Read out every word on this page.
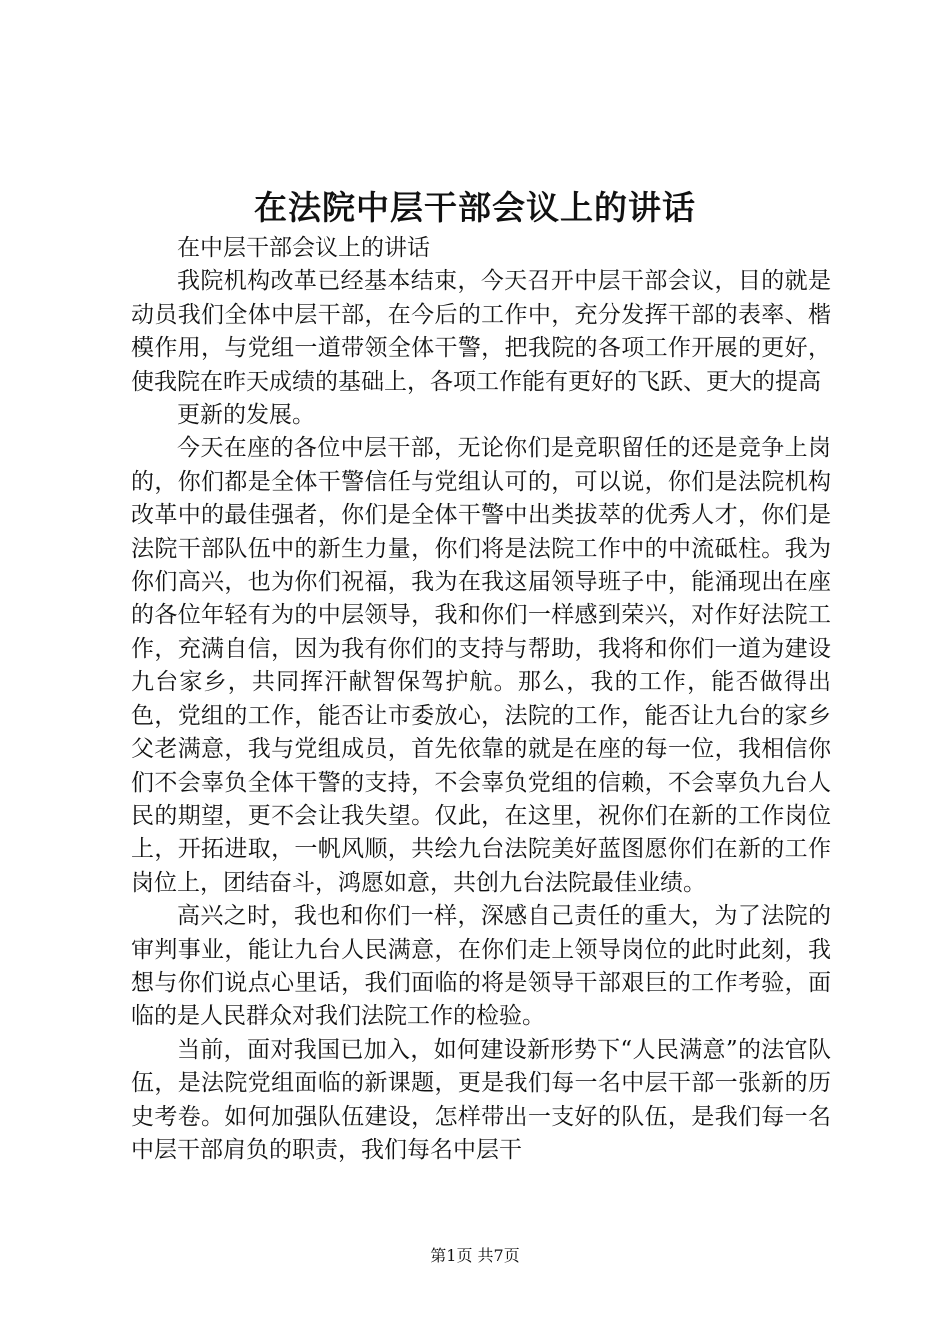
在法院中层干部会议上的讲话

在中层干部会议上的讲话

我院机构改革已经基本结束，今天召开中层干部会议，目的就是动员我们全体中层干部，在今后的工作中，充分发挥干部的表率、楷模作用，与党组一道带领全体干警，把我院的各项工作开展的更好，使我院在昨天成绩的基础上，各项工作能有更好的飞跃、更大的提高

更新的发展。

今天在座的各位中层干部，无论你们是竞职留任的还是竞争上岗的，你们都是全体干警信任与党组认可的，可以说，你们是法院机构改革中的最佳强者，你们是全体干警中出类拔萃的优秀人才，你们是法院干部队伍中的新生力量，你们将是法院工作中的中流砥柱。我为你们高兴，也为你们祝福，我为在我这届领导班子中，能涌现出在座的各位年轻有为的中层领导，我和你们一样感到荣兴，对作好法院工作，充满自信，因为我有你们的支持与帮助，我将和你们一道为建设九台家乡，共同挥汗献智保驾护航。那么，我的工作，能否做得出色，党组的工作，能否让市委放心，法院的工作，能否让九台的家乡父老满意，我与党组成员，首先依靠的就是在座的每一位，我相信你们不会辜负全体干警的支持，不会辜负党组的信赖，不会辜负九台人民的期望，更不会让我失望。仅此，在这里，祝你们在新的工作岗位上，开拓进取，一帆风顺，共绘九台法院美好蓝图愿你们在新的工作岗位上，团结奋斗，鸿愿如意，共创九台法院最佳业绩。

高兴之时，我也和你们一样，深感自己责任的重大，为了法院的审判事业，能让九台人民满意，在你们走上领导岗位的此时此刻，我想与你们说点心里话，我们面临的将是领导干部艰巨的工作考验，面临的是人民群众对我们法院工作的检验。

当前，面对我国已加入，如何建设新形势下“人民满意”的法官队伍，是法院党组面临的新课题，更是我们每一名中层干部一张新的历史考卷。如何加强队伍建设，怎样带出一支好的队伍，是我们每一名中层干部肩负的职责，我们每名中层干

第1页 共7页
